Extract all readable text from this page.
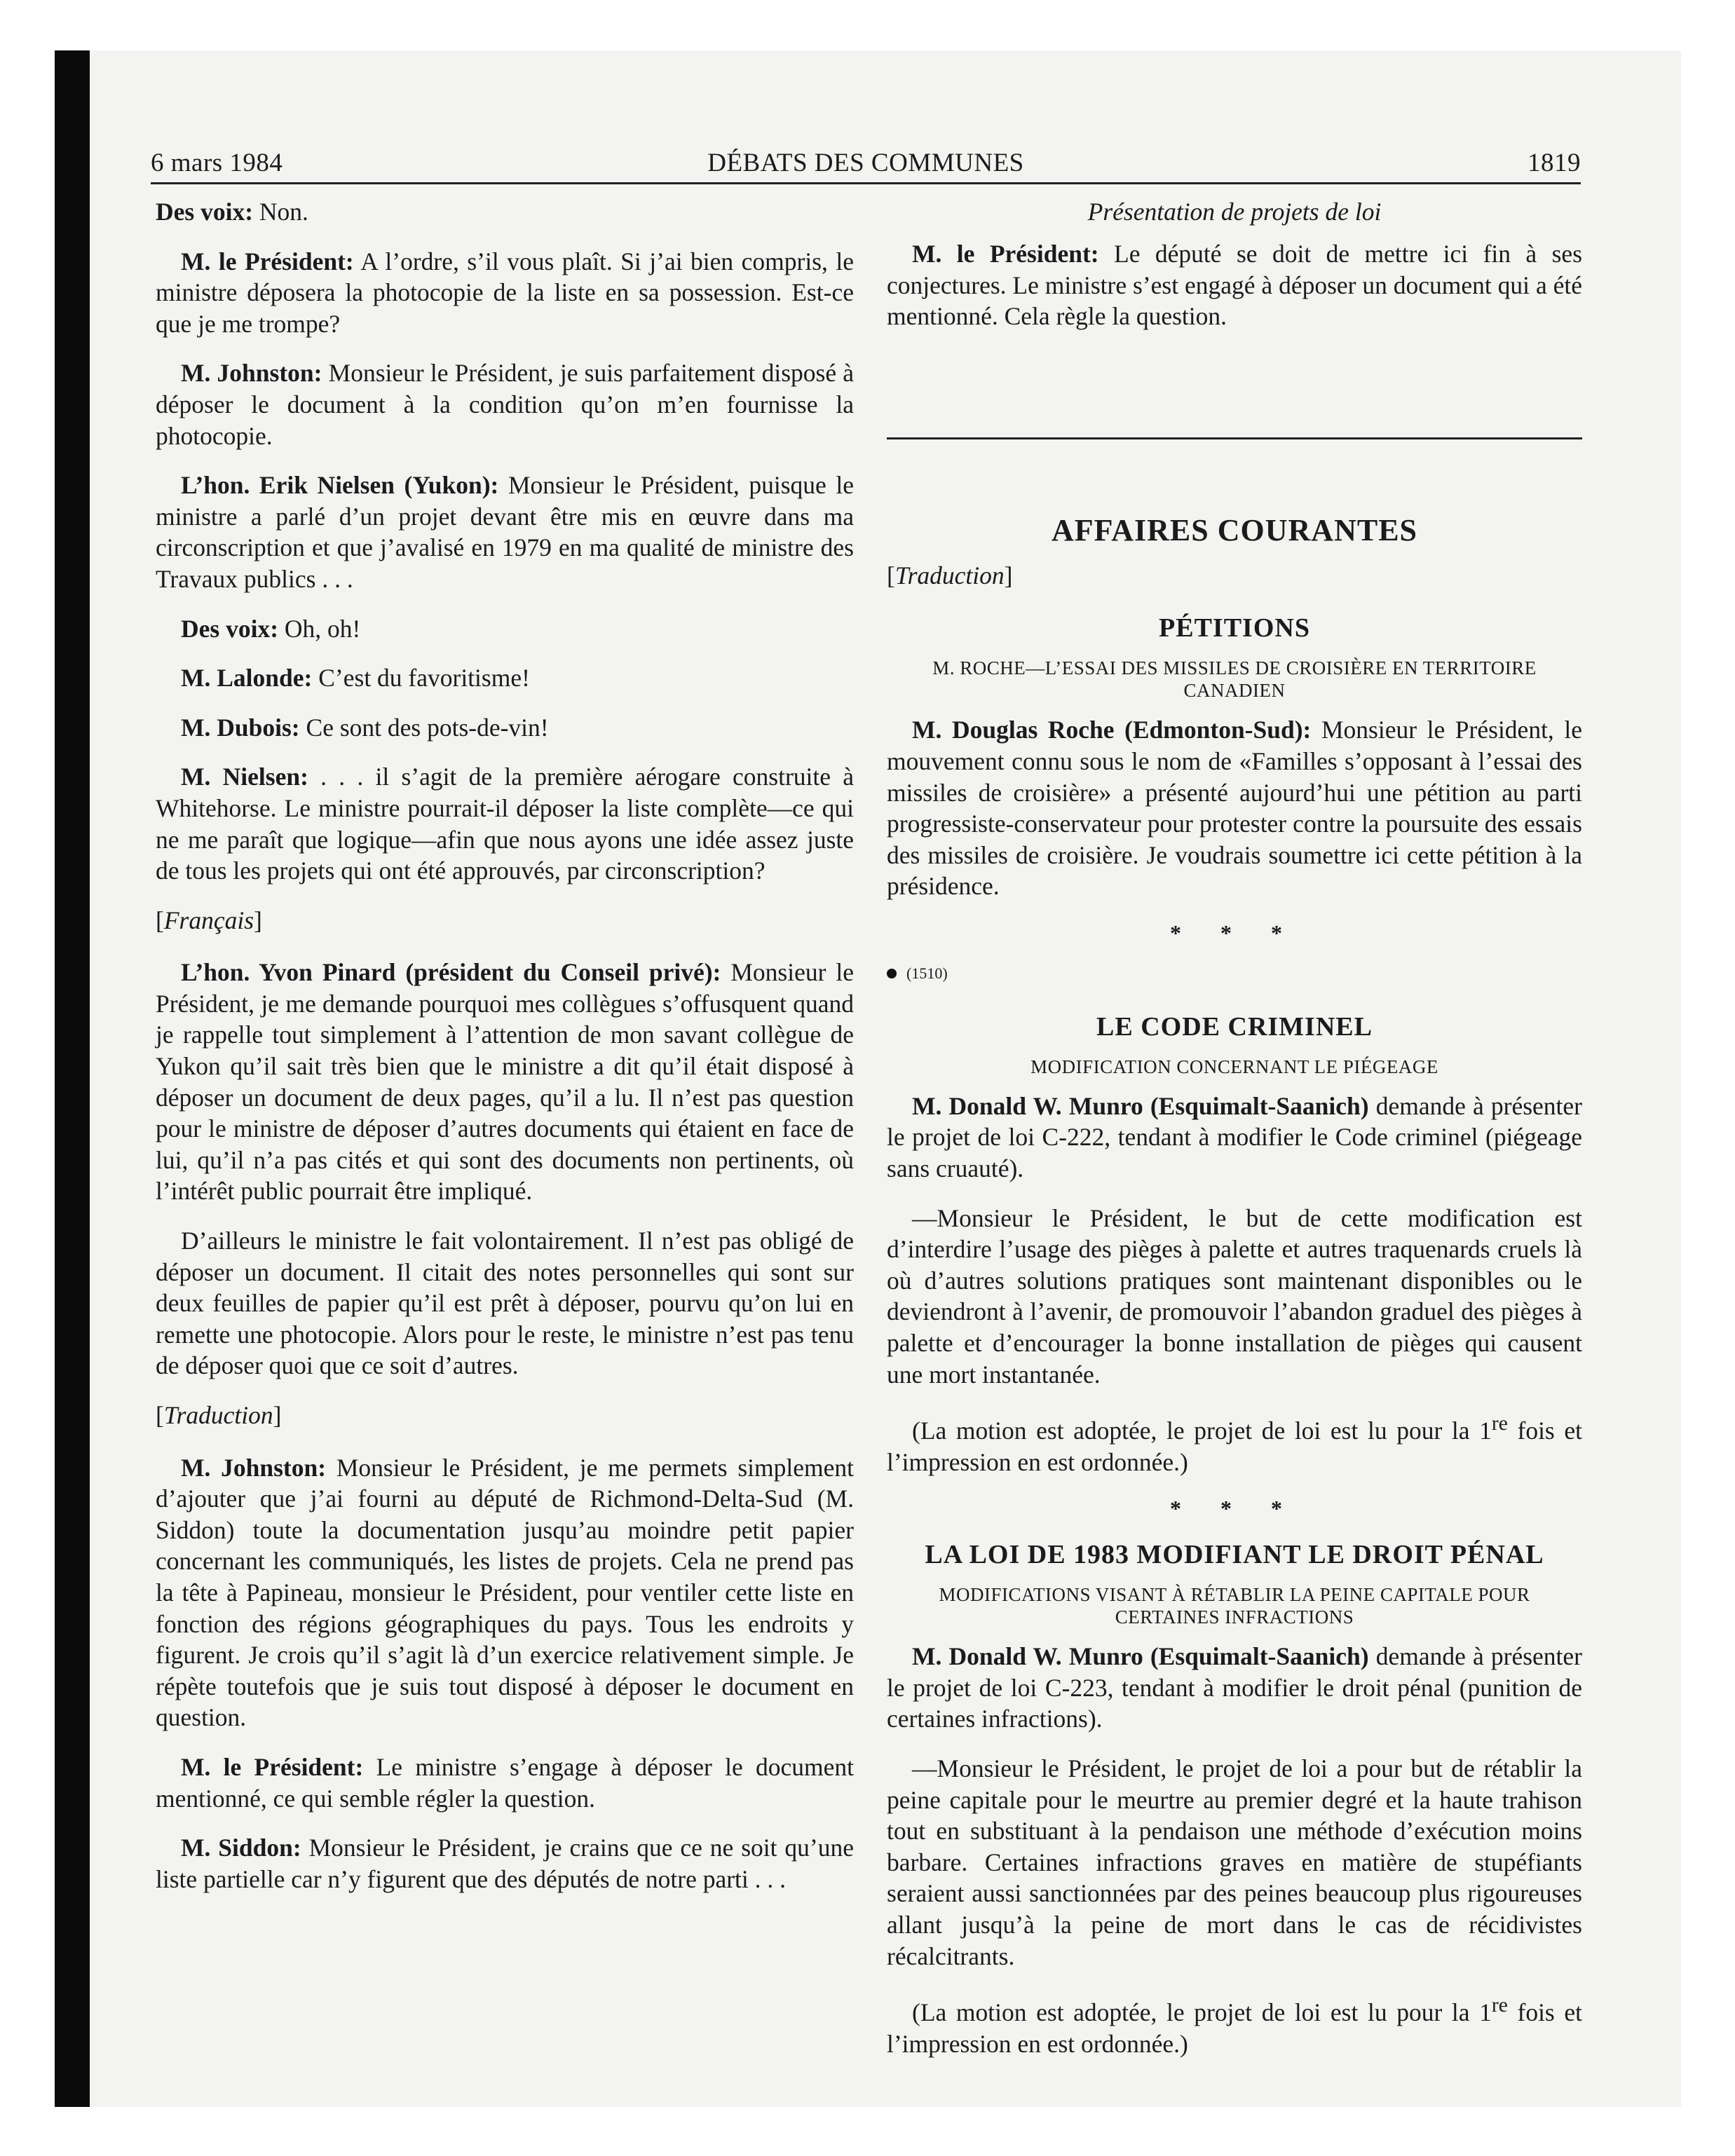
6 mars 1984	DÉBATS DES COMMUNES	1819

Des voix: Non.

M. le Président: A l’ordre, s’il vous plaît. Si j’ai bien compris, le ministre déposera la photocopie de la liste en sa possession. Est-ce que je me trompe?

M. Johnston: Monsieur le Président, je suis parfaitement disposé à déposer le document à la condition qu’on m’en fournisse la photocopie.

L’hon. Erik Nielsen (Yukon): Monsieur le Président, puisque le ministre a parlé d’un projet devant être mis en œuvre dans ma circonscription et que j’avalisé en 1979 en ma qualité de ministre des Travaux publics . . .

Des voix: Oh, oh!

M. Lalonde: C’est du favoritisme!

M. Dubois: Ce sont des pots-de-vin!

M. Nielsen: . . . il s’agit de la première aérogare construite à Whitehorse. Le ministre pourrait-il déposer la liste complète—ce qui ne me paraît que logique—afin que nous ayons une idée assez juste de tous les projets qui ont été approuvés, par circonscription?

[Français]

L’hon. Yvon Pinard (président du Conseil privé): Monsieur le Président, je me demande pourquoi mes collègues s’offusquent quand je rappelle tout simplement à l’attention de mon savant collègue de Yukon qu’il sait très bien que le ministre a dit qu’il était disposé à déposer un document de deux pages, qu’il a lu. Il n’est pas question pour le ministre de déposer d’autres documents qui étaient en face de lui, qu’il n’a pas cités et qui sont des documents non pertinents, où l’intérêt public pourrait être impliqué.

D’ailleurs le ministre le fait volontairement. Il n’est pas obligé de déposer un document. Il citait des notes personnelles qui sont sur deux feuilles de papier qu’il est prêt à déposer, pourvu qu’on lui en remette une photocopie. Alors pour le reste, le ministre n’est pas tenu de déposer quoi que ce soit d’autres.

[Traduction]

M. Johnston: Monsieur le Président, je me permets simplement d’ajouter que j’ai fourni au député de Richmond-Delta-Sud (M. Siddon) toute la documentation jusqu’au moindre petit papier concernant les communiqués, les listes de projets. Cela ne prend pas la tête à Papineau, monsieur le Président, pour ventiler cette liste en fonction des régions géographiques du pays. Tous les endroits y figurent. Je crois qu’il s’agit là d’un exercice relativement simple. Je répète toutefois que je suis tout disposé à déposer le document en question.

M. le Président: Le ministre s’engage à déposer le document mentionné, ce qui semble régler la question.

M. Siddon: Monsieur le Président, je crains que ce ne soit qu’une liste partielle car n’y figurent que des députés de notre parti . . .

Présentation de projets de loi

M. le Président: Le député se doit de mettre ici fin à ses conjectures. Le ministre s’est engagé à déposer un document qui a été mentionné. Cela règle la question.

AFFAIRES COURANTES

[Traduction]

PÉTITIONS
M. ROCHE—L’ESSAI DES MISSILES DE CROISIÈRE EN TERRITOIRE CANADIEN

M. Douglas Roche (Edmonton-Sud): Monsieur le Président, le mouvement connu sous le nom de «Familles s’opposant à l’essai des missiles de croisière» a présenté aujourd’hui une pétition au parti progressiste-conservateur pour protester contre la poursuite des essais des missiles de croisière. Je voudrais soumettre ici cette pétition à la présidence.

* * *
(1510)
LE CODE CRIMINEL
MODIFICATION CONCERNANT LE PIÉGEAGE

M. Donald W. Munro (Esquimalt-Saanich) demande à présenter le projet de loi C-222, tendant à modifier le Code criminel (piégeage sans cruauté).

—Monsieur le Président, le but de cette modification est d’interdire l’usage des pièges à palette et autres traquenards cruels là où d’autres solutions pratiques sont maintenant disponibles ou le deviendront à l’avenir, de promouvoir l’abandon graduel des pièges à palette et d’encourager la bonne installation de pièges qui causent une mort instantanée.

(La motion est adoptée, le projet de loi est lu pour la 1re fois et l’impression en est ordonnée.)

* * *
LA LOI DE 1983 MODIFIANT LE DROIT PÉNAL
MODIFICATIONS VISANT À RÉTABLIR LA PEINE CAPITALE POUR CERTAINES INFRACTIONS

M. Donald W. Munro (Esquimalt-Saanich) demande à présenter le projet de loi C-223, tendant à modifier le droit pénal (punition de certaines infractions).

—Monsieur le Président, le projet de loi a pour but de rétablir la peine capitale pour le meurtre au premier degré et la haute trahison tout en substituant à la pendaison une méthode d’exécution moins barbare. Certaines infractions graves en matière de stupéfiants seraient aussi sanctionnées par des peines beaucoup plus rigoureuses allant jusqu’à la peine de mort dans le cas de récidivistes récalcitrants.

(La motion est adoptée, le projet de loi est lu pour la 1re fois et l’impression en est ordonnée.)
